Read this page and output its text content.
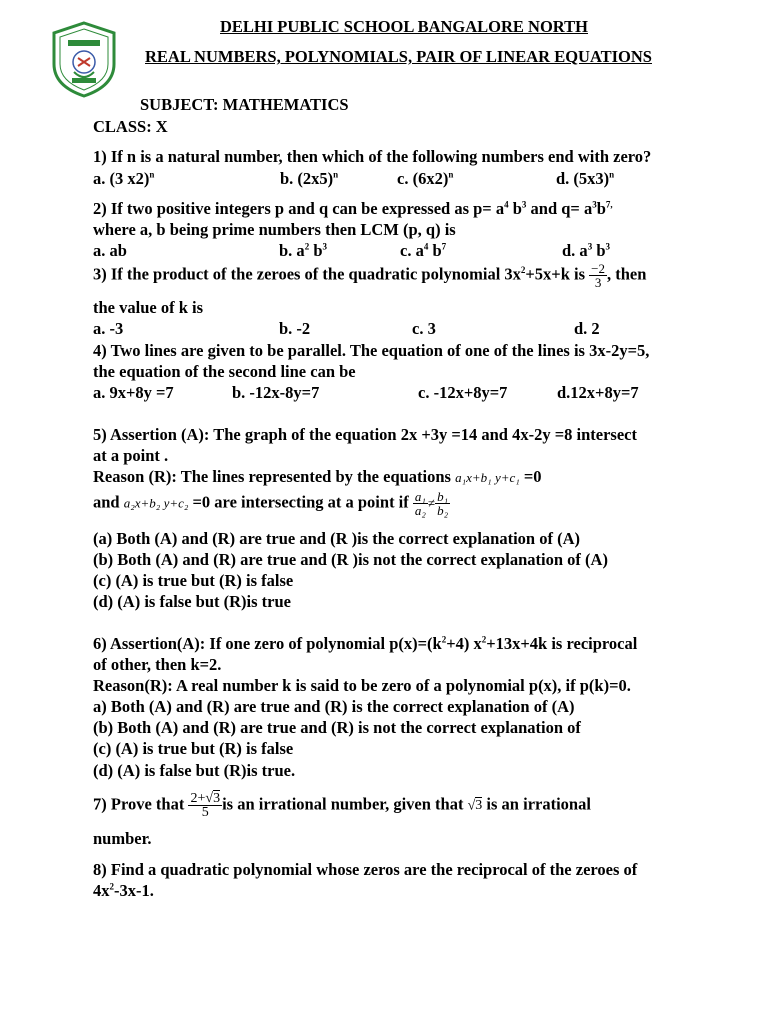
DELHI PUBLIC SCHOOL BANGALORE NORTH
REAL NUMBERS, POLYNOMIALS, PAIR OF LINEAR EQUATIONS
SUBJECT: MATHEMATICS
CLASS: X
1) If n is a natural number, then which of the following numbers end with zero?
a. (3 x2)$^n$	b. $(2x5)^n$	c. $(6x2)^n$	d. $(5x3)^n$
2) If two positive integers p and q can be expressed as $p= a^4$ $b^3$ and $q= a^3b^{7,}$
where a, b being prime numbers then LCM (p, q) is
a. ab	b. $a^2$ $b^3$	c. $a^4$ $b^7$	d. $a^3$ $b^3$
3) If the product of the zeroes of the quadratic polynomial $3x^2+5x+k$ is $\frac{-2}{3}$ , then
the value of k is
a. -3	b. -2	c. 3	d. 2
4) Two lines are given to be parallel. The equation of one of the lines is 3x-2y=5,
the equation of the second line can be
a. 9x+8y =7	b. -12x-8y=7	c. -12x+8y=7	d.12x+8y=7
5) Assertion (A): The graph of the equation 2x +3y =14 and 4x-2y =8 intersect
at a point .
Reason (R): The lines represented by the equations a₁x+b₁ y+c₁ =0
and a₂x+b₂ y+c₂ =0 are intersecting at a point if $\frac{\text{a₁}}{\text{a₂}} \ne \frac{\text{b₁}}{\text{b₂}}$
(a) Both (A) and (R) are true and (R )is the correct explanation of (A)
(b) Both (A) and (R) are true and (R )is not the correct explanation of (A)
(c) (A) is true but (R) is false
(d) (A) is false but (R)is true
6) Assertion(A): If one zero of polynomial $p(x)=(k^2+4)$ $x^2+13x+4k$ is reciprocal
of other, then k=2.
Reason(R): A real number k is said to be zero of a polynomial p(x), if p(k)=0.
a) Both (A) and (R) are true and (R) is the correct explanation of (A)
(b) Both (A) and (R) are true and (R) is not the correct explanation of
(c) (A) is true but (R) is false
(d) (A) is false but (R)is true.
7) Prove that $\frac{2+√3}{5}$ is an irrational number, given that √3 is an irrational
number.
8) Find a quadratic polynomial whose zeros are the reciprocal of the zeroes of
$4x^2-3x-1$.
